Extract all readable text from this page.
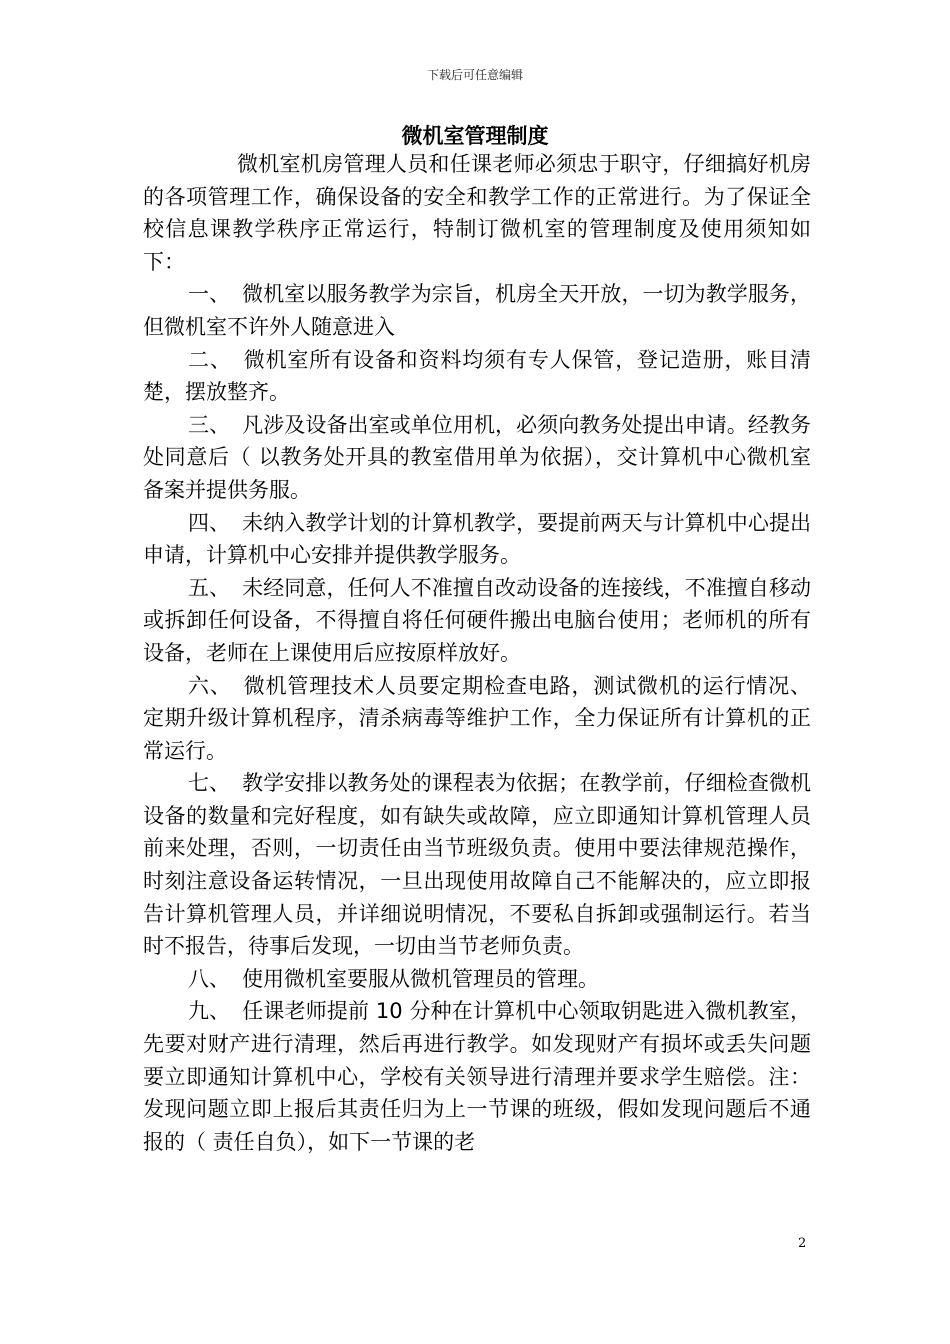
下载后可任意编辑
微机室管理制度

微机室机房管理人员和任课老师必须忠于职守，仔细搞好机房的各项管理工作，确保设备的安全和教学工作的正常进行。为了保证全校信息课教学秩序正常运行，特制订微机室的管理制度及使用须知如下：

一、 微机室以服务教学为宗旨，机房全天开放，一切为教学服务，但微机室不许外人随意进入

二、 微机室所有设备和资料均须有专人保管，登记造册，账目清楚，摆放整齐。

三、 凡涉及设备出室或单位用机，必须向教务处提出申请。经教务处同意后（ 以教务处开具的教室借用单为依据），交计算机中心微机室备案并提供务服。

四、 未纳入教学计划的计算机教学，要提前两天与计算机中心提出申请，计算机中心安排并提供教学服务。

五、 未经同意，任何人不准擅自改动设备的连接线，不准擅自移动或拆卸任何设备，不得擅自将任何硬件搬出电脑台使用；老师机的所有设备，老师在上课使用后应按原样放好。

六、 微机管理技术人员要定期检查电路，测试微机的运行情况、 定期升级计算机程序，清杀病毒等维护工作，全力保证所有计算机的正常运行。

七、 教学安排以教务处的课程表为依据；在教学前，仔细检查微机设备的数量和完好程度，如有缺失或故障，应立即通知计算机管理人员前来处理，否则，一切责任由当节班级负责。使用中要法律规范操作，时刻注意设备运转情况，一旦出现使用故障自己不能解决的，应立即报告计算机管理人员，并详细说明情况，不要私自拆卸或强制运行。若当时不报告，待事后发现，一切由当节老师负责。

八、 使用微机室要服从微机管理员的管理。

九、 任课老师提前 10 分种在计算机中心领取钥匙进入微机教室，先要对财产进行清理，然后再进行教学。如发现财产有损坏或丢失问题要立即通知计算机中心，学校有关领导进行清理并要求学生赔偿。注：发现问题立即上报后其责任归为上一节课的班级，假如发现问题后不通报的（ 责任自负），如下一节课的老

2
